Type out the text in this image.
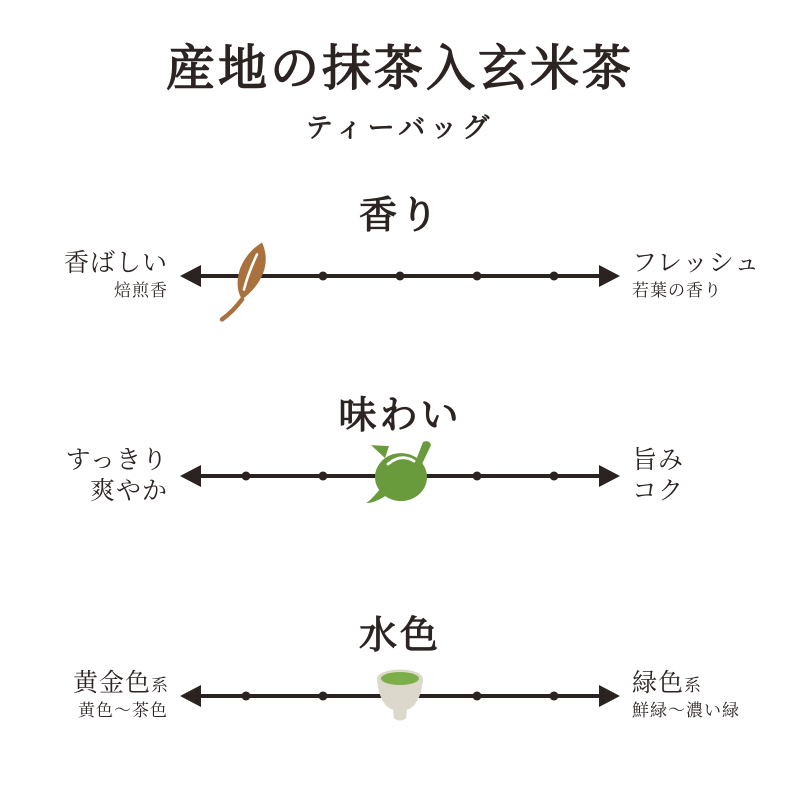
産地の抹茶入玄米茶
ティーバッグ
香り
香ばしい
焙煎香
フレッシュ
若葉の香り
味わい
すっきり
爽やか
旨み
コク
水色
黄金色系
黄色〜茶色
緑色系
鮮緑〜濃い緑
